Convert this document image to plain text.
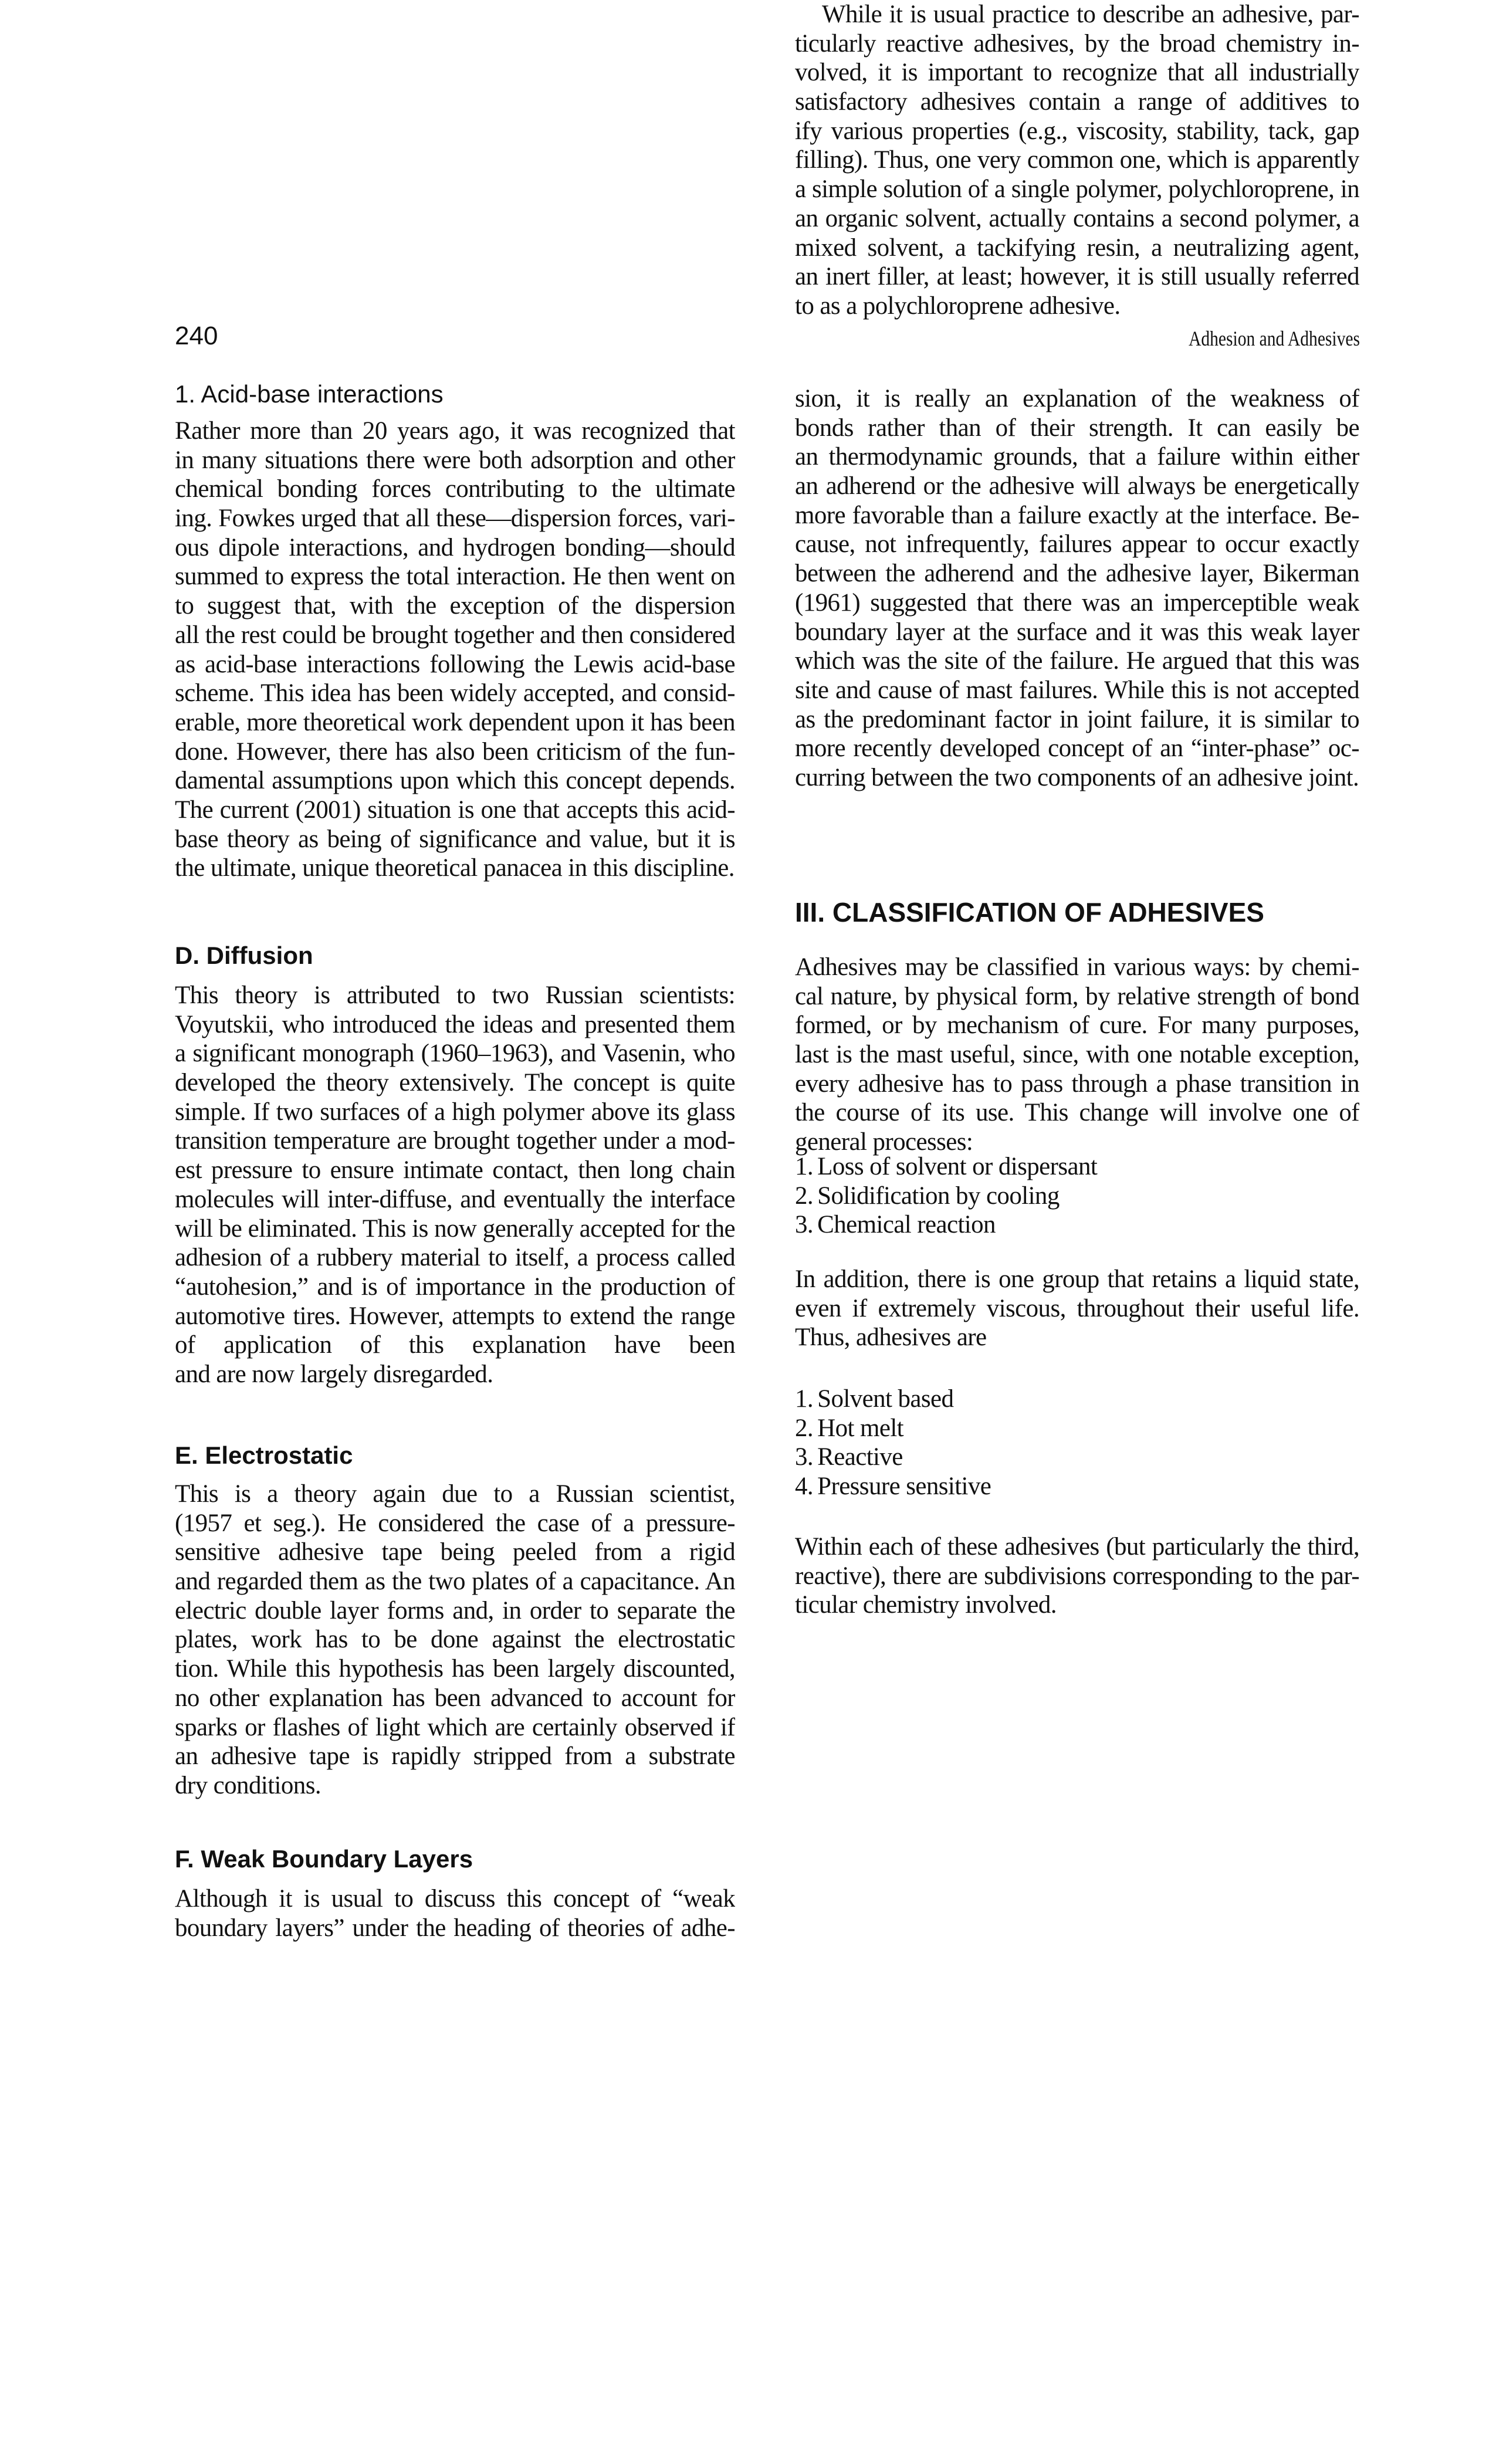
240	Adhesion and Adhesives
1. Acid-base interactions
Rather more than 20 years ago, it was recognized that
in many situations there were both adsorption and other
chemical bonding forces contributing to the ultimate
ing. Fowkes urged that all these—dispersion forces, vari-
ous dipole interactions, and hydrogen bonding—should
summed to express the total interaction. He then went on
to suggest that, with the exception of the dispersion
all the rest could be brought together and then considered
as acid-base interactions following the Lewis acid-base
scheme. This idea has been widely accepted, and consid-
erable, more theoretical work dependent upon it has been
done. However, there has also been criticism of the fun-
damental assumptions upon which this concept depends.
The current (2001) situation is one that accepts this acid-
base theory as being of significance and value, but it is
the ultimate, unique theoretical panacea in this discipline.
D. Diffusion
This theory is attributed to two Russian scientists:
Voyutskii, who introduced the ideas and presented them
a significant monograph (1960–1963), and Vasenin, who
developed the theory extensively. The concept is quite
simple. If two surfaces of a high polymer above its glass
transition temperature are brought together under a mod-
est pressure to ensure intimate contact, then long chain
molecules will inter-diffuse, and eventually the interface
will be eliminated. This is now generally accepted for the
adhesion of a rubbery material to itself, a process called
“autohesion,” and is of importance in the production of
automotive tires. However, attempts to extend the range
of application of this explanation have been
and are now largely disregarded.
E. Electrostatic
This is a theory again due to a Russian scientist,
(1957 et seg.). He considered the case of a pressure-
sensitive adhesive tape being peeled from a rigid
and regarded them as the two plates of a capacitance. An
electric double layer forms and, in order to separate the
plates, work has to be done against the electrostatic
tion. While this hypothesis has been largely discounted,
no other explanation has been advanced to account for
sparks or flashes of light which are certainly observed if
an adhesive tape is rapidly stripped from a substrate
dry conditions.
F. Weak Boundary Layers
Although it is usual to discuss this concept of “weak
boundary layers” under the heading of theories of adhe-
sion, it is really an explanation of the weakness of
bonds rather than of their strength. It can easily be
an thermodynamic grounds, that a failure within either
an adherend or the adhesive will always be energetically
more favorable than a failure exactly at the interface. Be-
cause, not infrequently, failures appear to occur exactly
between the adherend and the adhesive layer, Bikerman
(1961) suggested that there was an imperceptible weak
boundary layer at the surface and it was this weak layer
which was the site of the failure. He argued that this was
site and cause of mast failures. While this is not accepted
as the predominant factor in joint failure, it is similar to
more recently developed concept of an “inter-phase” oc-
curring between the two components of an adhesive joint.
III. CLASSIFICATION OF ADHESIVES
Adhesives may be classified in various ways: by chemi-
cal nature, by physical form, by relative strength of bond
formed, or by mechanism of cure. For many purposes,
last is the mast useful, since, with one notable exception,
every adhesive has to pass through a phase transition in
the course of its use. This change will involve one of
general processes:
1. Loss of solvent or dispersant
2. Solidification by cooling
3. Chemical reaction
In addition, there is one group that retains a liquid state,
even if extremely viscous, throughout their useful life.
Thus, adhesives are
1. Solvent based
2. Hot melt
3. Reactive
4. Pressure sensitive
Within each of these adhesives (but particularly the third,
reactive), there are subdivisions corresponding to the par-
ticular chemistry involved.
While it is usual practice to describe an adhesive, par-
ticularly reactive adhesives, by the broad chemistry in-
volved, it is important to recognize that all industrially
satisfactory adhesives contain a range of additives to
ify various properties (e.g., viscosity, stability, tack, gap
filling). Thus, one very common one, which is apparently
a simple solution of a single polymer, polychloroprene, in
an organic solvent, actually contains a second polymer, a
mixed solvent, a tackifying resin, a neutralizing agent,
an inert filler, at least; however, it is still usually referred
to as a polychloroprene adhesive.
